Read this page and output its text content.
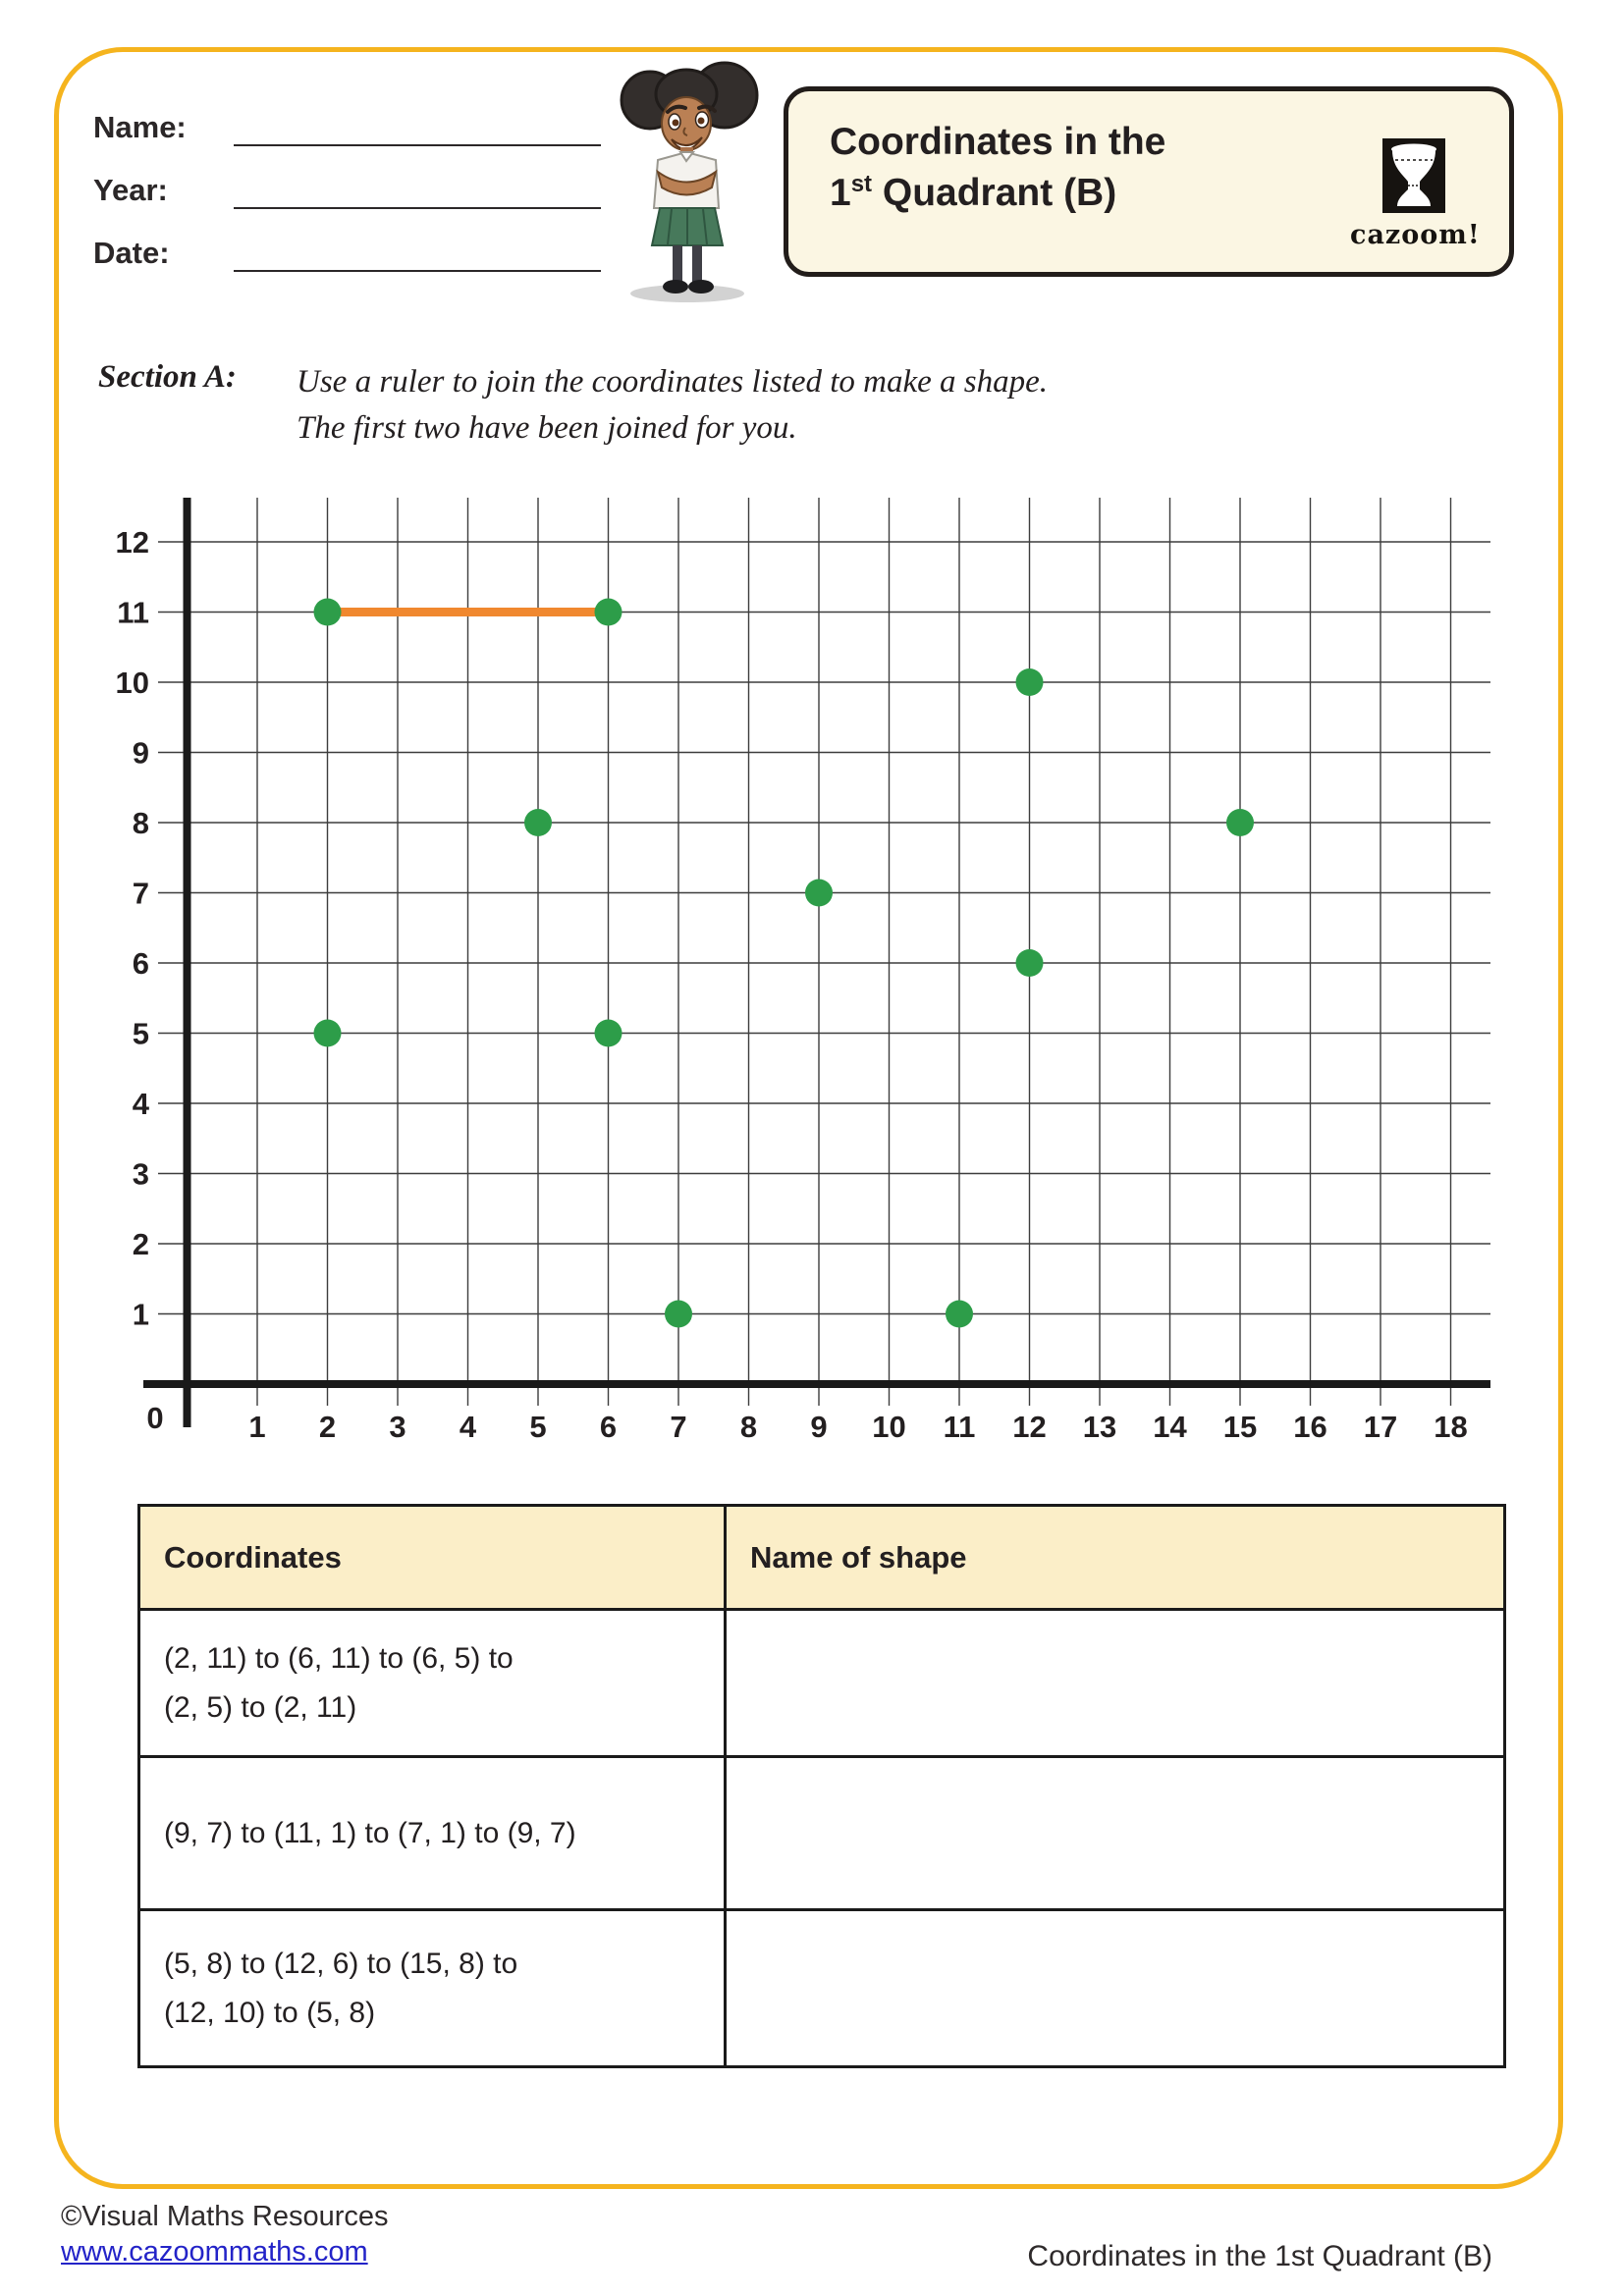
Name:
Year:
Date:
Coordinates in the
1st Quadrant (B)
cazoom!
Section A: Use a ruler to join the coordinates listed to make a shape.
The first two have been joined for you.
1
2
3
4
5
6
7
8
9
10
11
12
1 2 3 4 5 6 7 8 9 10 11 12 13 14 15 16 17 18
0
Coordinates	Name of shape

(2, 11) to (6, 11) to (6, 5) to
(2, 5) to (2, 11)	

(9, 7) to (11, 1) to (7, 1) to (9, 7)	

(5, 8) to (12, 6) to (15, 8) to
(12, 10) to (5, 8)	

©Visual Maths Resources
www.cazoommaths.com	Coordinates in the 1st Quadrant (B)
